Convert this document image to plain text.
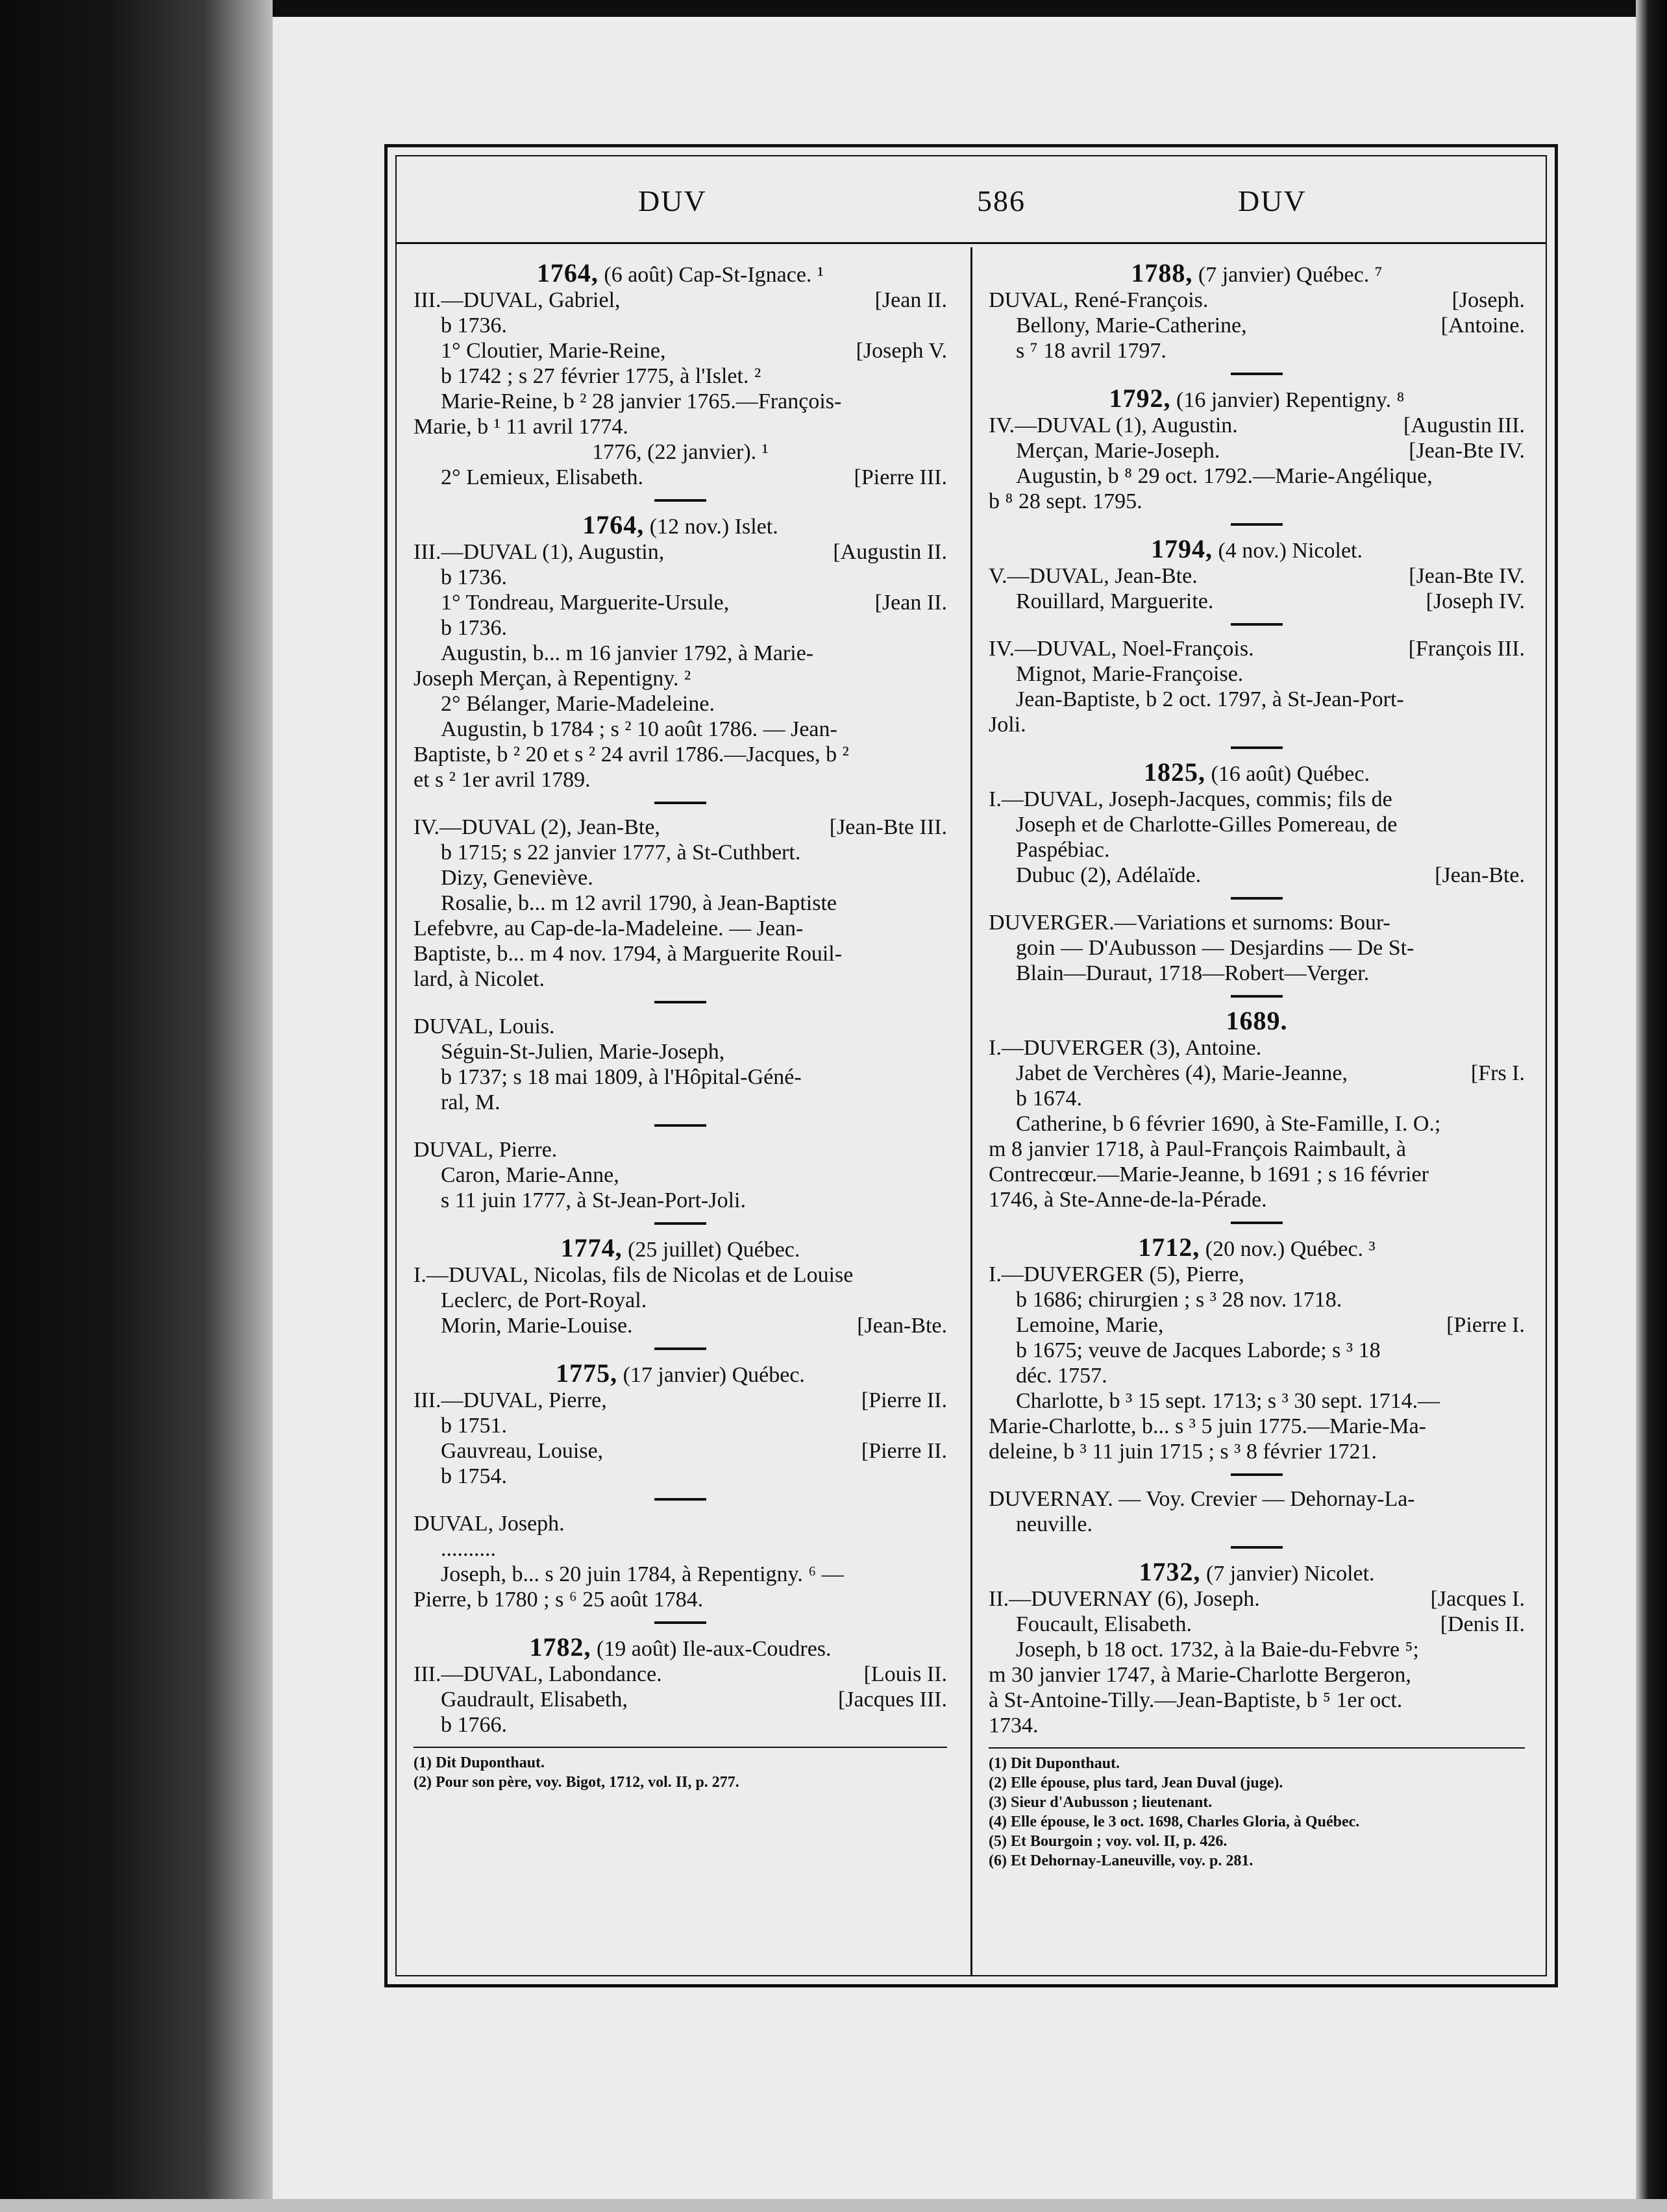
DUV	586	DUV
1764, (6 août) Cap-St-Ignace. ¹
III.—DUVAL, Gabriel,	[Jean II.
b 1736.
1° Cloutier, Marie-Reine,	[Joseph V.
b 1742 ; s 27 février 1775, à l'Islet. ²
Marie-Reine, b ² 28 janvier 1765.—François-
Marie, b ¹ 11 avril 1774.
1776, (22 janvier). ¹
2° Lemieux, Elisabeth.	[Pierre III.
1764, (12 nov.) Islet.
III.—DUVAL (1), Augustin,	[Augustin II.
b 1736.
1° Tondreau, Marguerite-Ursule,	[Jean II.
b 1736.
Augustin, b... m 16 janvier 1792, à Marie-
Joseph Merçan, à Repentigny. ²
2° Bélanger, Marie-Madeleine.
Augustin, b 1784 ; s ² 10 août 1786. — Jean-
Baptiste, b ² 20 et s ² 24 avril 1786.—Jacques, b ²
et s ² 1er avril 1789.
IV.—DUVAL (2), Jean-Bte,	[Jean-Bte III.
b 1715; s 22 janvier 1777, à St-Cuthbert.
Dizy, Geneviève.
Rosalie, b... m 12 avril 1790, à Jean-Baptiste
Lefebvre, au Cap-de-la-Madeleine. — Jean-
Baptiste, b... m 4 nov. 1794, à Marguerite Rouil-
lard, à Nicolet.
DUVAL, Louis.
Séguin-St-Julien, Marie-Joseph,
b 1737; s 18 mai 1809, à l'Hôpital-Géné-
ral, M.
DUVAL, Pierre.
Caron, Marie-Anne,
s 11 juin 1777, à St-Jean-Port-Joli.
1774, (25 juillet) Québec.
I.—DUVAL, Nicolas, fils de Nicolas et de Louise
Leclerc, de Port-Royal.
Morin, Marie-Louise.	[Jean-Bte.
1775, (17 janvier) Québec.
III.—DUVAL, Pierre,	[Pierre II.
b 1751.
Gauvreau, Louise,	[Pierre II.
b 1754.
DUVAL, Joseph.
..........
Joseph, b... s 20 juin 1784, à Repentigny. ⁶ —
Pierre, b 1780 ; s ⁶ 25 août 1784.
1782, (19 août) Ile-aux-Coudres.
III.—DUVAL, Labondance.	[Louis II.
Gaudrault, Elisabeth,	[Jacques III.
b 1766.
(1) Dit Duponthaut.
(2) Pour son père, voy. Bigot, 1712, vol. II, p. 277.
1788, (7 janvier) Québec. ⁷
DUVAL, René-François.	[Joseph.
Bellony, Marie-Catherine,	[Antoine.
s ⁷ 18 avril 1797.
1792, (16 janvier) Repentigny. ⁸
IV.—DUVAL (1), Augustin.	[Augustin III.
Merçan, Marie-Joseph.	[Jean-Bte IV.
Augustin, b ⁸ 29 oct. 1792.—Marie-Angélique,
b ⁸ 28 sept. 1795.
1794, (4 nov.) Nicolet.
V.—DUVAL, Jean-Bte.	[Jean-Bte IV.
Rouillard, Marguerite.	[Joseph IV.
IV.—DUVAL, Noel-François.	[François III.
Mignot, Marie-Françoise.
Jean-Baptiste, b 2 oct. 1797, à St-Jean-Port-
Joli.
1825, (16 août) Québec.
I.—DUVAL, Joseph-Jacques, commis; fils de
Joseph et de Charlotte-Gilles Pomereau, de
Paspébiac.
Dubuc (2), Adélaïde.	[Jean-Bte.
DUVERGER.—Variations et surnoms: Bour-
goin — D'Aubusson — Desjardins — De St-
Blain—Duraut, 1718—Robert—Verger.
1689.
I.—DUVERGER (3), Antoine.
Jabet de Verchères (4), Marie-Jeanne,	[Frs I.
b 1674.
Catherine, b 6 février 1690, à Ste-Famille, I. O.;
m 8 janvier 1718, à Paul-François Raimbault, à
Contrecœur.—Marie-Jeanne, b 1691 ; s 16 février
1746, à Ste-Anne-de-la-Pérade.
1712, (20 nov.) Québec. ³
I.—DUVERGER (5), Pierre,
b 1686; chirurgien ; s ³ 28 nov. 1718.
Lemoine, Marie,	[Pierre I.
b 1675; veuve de Jacques Laborde; s ³ 18
déc. 1757.
Charlotte, b ³ 15 sept. 1713; s ³ 30 sept. 1714.—
Marie-Charlotte, b... s ³ 5 juin 1775.—Marie-Ma-
deleine, b ³ 11 juin 1715 ; s ³ 8 février 1721.
DUVERNAY. — Voy. Crevier — Dehornay-La-
neuville.
1732, (7 janvier) Nicolet.
II.—DUVERNAY (6), Joseph.	[Jacques I.
Foucault, Elisabeth.	[Denis II.
Joseph, b 18 oct. 1732, à la Baie-du-Febvre ⁵;
m 30 janvier 1747, à Marie-Charlotte Bergeron,
à St-Antoine-Tilly.—Jean-Baptiste, b ⁵ 1er oct.
1734.
(1) Dit Duponthaut.
(2) Elle épouse, plus tard, Jean Duval (juge).
(3) Sieur d'Aubusson ; lieutenant.
(4) Elle épouse, le 3 oct. 1698, Charles Gloria, à Québec.
(5) Et Bourgoin ; voy. vol. II, p. 426.
(6) Et Dehornay-Laneuville, voy. p. 281.
